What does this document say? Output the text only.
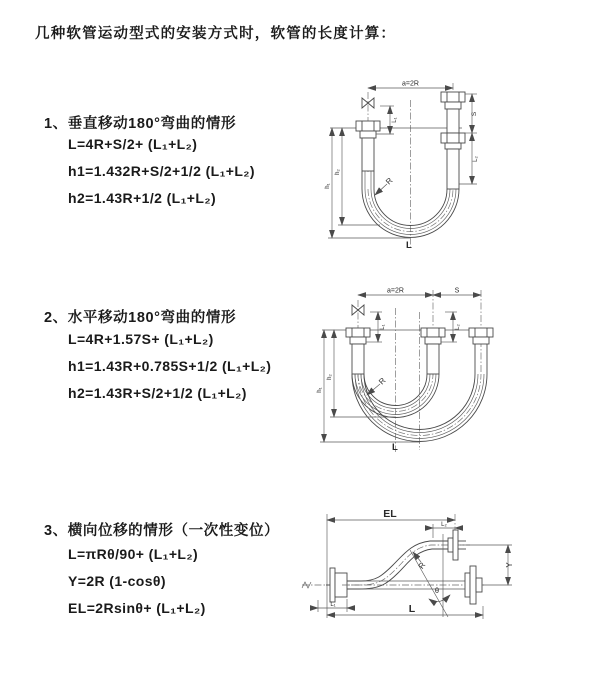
几种软管运动型式的安装方式时，软管的长度计算：
1、垂直移动180°弯曲的情形
L=4R+S/2+ (L₁+L₂)
h1=1.432R+S/2+1/2 (L₁+L₂)
h2=1.43R+1/2 (L₁+L₂)
2、水平移动180°弯曲的情形
L=4R+1.57S+ (L₁+L₂)
h1=1.43R+0.785S+1/2 (L₁+L₂)
h2=1.43R+S/2+1/2 (L₁+L₂)
3、横向位移的情形（一次性变位）
L=πRθ/90+ (L₁+L₂)
Y=2R (1-cosθ)
EL=2Rsinθ+ (L₁+L₂)
a=2R
L₁
S
L₂
h₁
h₂
R
L
a=2R	S
L₁	L₂
h₁
h₂	R
L
EL
L₂
Y
θ
R
L₁	L
